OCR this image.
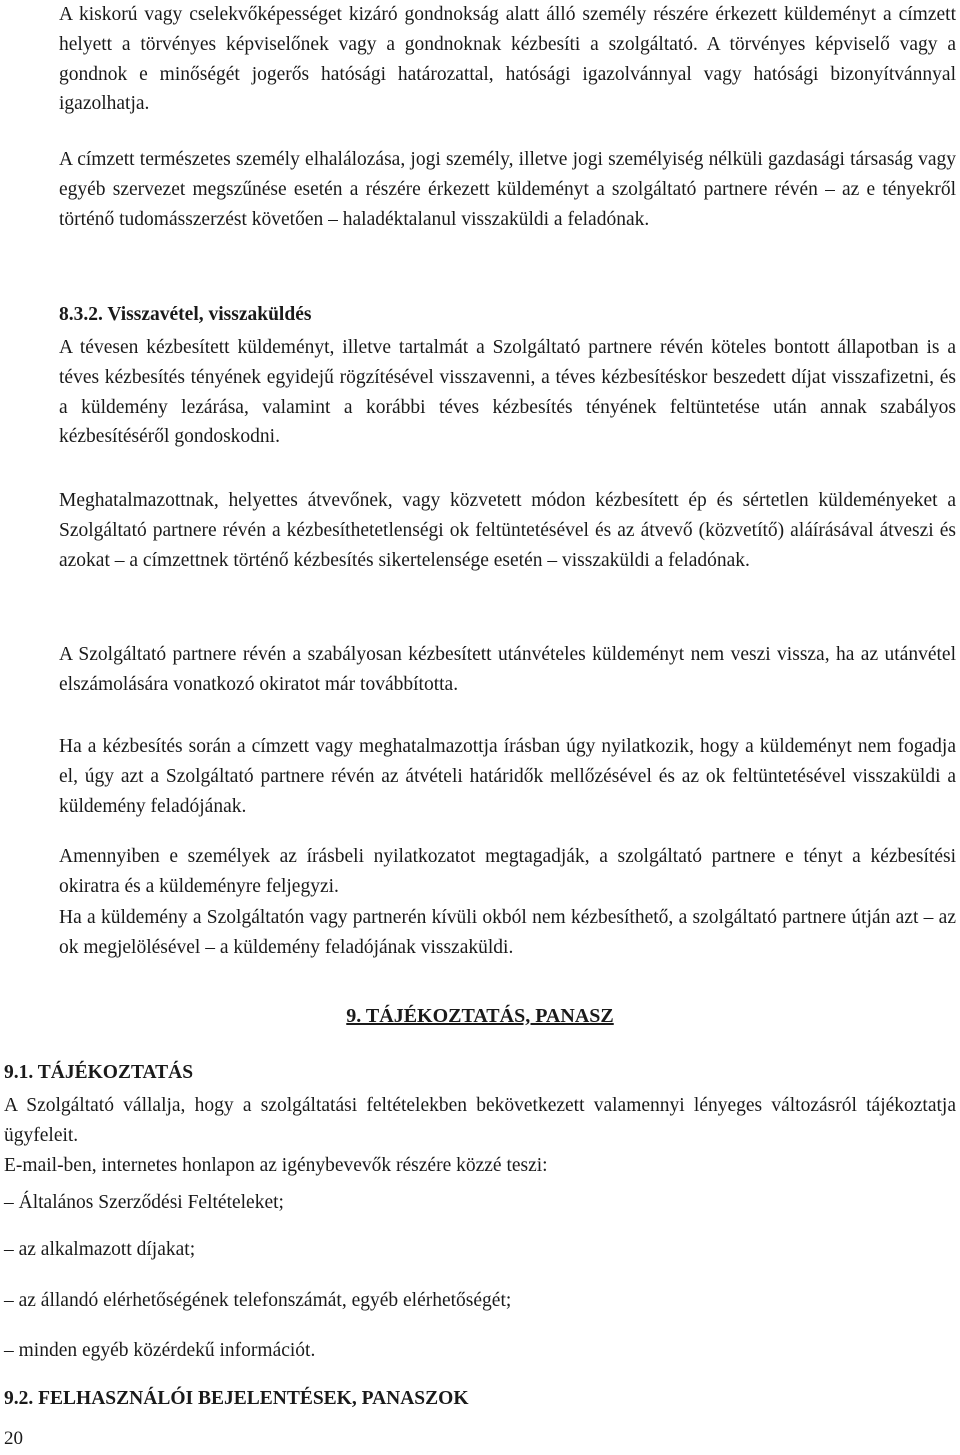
A kiskorú vagy cselekvőképességet kizáró gondnokság alatt álló személy részére érkezett küldeményt a címzett helyett a törvényes képviselőnek vagy a gondnoknak kézbesíti a szolgáltató. A törvényes képviselő vagy a gondnok e minőségét jogerős hatósági határozattal, hatósági igazolvánnyal vagy hatósági bizonyítvánnyal igazolhatja.

A címzett természetes személy elhalálozása, jogi személy, illetve jogi személyiség nélküli gazdasági társaság vagy egyéb szervezet megszűnése esetén a részére érkezett küldeményt a szolgáltató partnere révén – az e tényekről történő tudomásszerzést követően – haladéktalanul visszaküldi a feladónak.

8.3.2. Visszavétel, visszaküldés

A tévesen kézbesített küldeményt, illetve tartalmát a Szolgáltató partnere révén köteles bontott állapotban is a téves kézbesítés tényének egyidejű rögzítésével visszavenni, a téves kézbesítéskor beszedett díjat visszafizetni, és a küldemény lezárása, valamint a korábbi téves kézbesítés tényének feltüntetése után annak szabályos kézbesítéséről gondoskodni.

Meghatalmazottnak, helyettes átvevőnek, vagy közvetett módon kézbesített ép és sértetlen küldeményeket a Szolgáltató partnere révén a kézbesíthetetlenségi ok feltüntetésével és az átvevő (közvetítő) aláírásával átveszi és azokat – a címzettnek történő kézbesítés sikertelensége esetén – visszaküldi a feladónak.

A Szolgáltató partnere révén a szabályosan kézbesített utánvételes küldeményt nem veszi vissza, ha az utánvétel elszámolására vonatkozó okiratot már továbbította.

Ha a kézbesítés során a címzett vagy meghatalmazottja írásban úgy nyilatkozik, hogy a küldeményt nem fogadja el, úgy azt a Szolgáltató partnere révén az átvételi határidők mellőzésével és az ok feltüntetésével visszaküldi a küldemény feladójának.

Amennyiben e személyek az írásbeli nyilatkozatot megtagadják, a szolgáltató partnere e tényt a kézbesítési okiratra és a küldeményre feljegyzi.

Ha a küldemény a Szolgáltatón vagy partnerén kívüli okból nem kézbesíthető, a szolgáltató partnere útján azt – az ok megjelölésével – a küldemény feladójának visszaküldi.

9. TÁJÉKOZTATÁS, PANASZ

9.1. TÁJÉKOZTATÁS

A Szolgáltató vállalja, hogy a szolgáltatási feltételekben bekövetkezett valamennyi lényeges változásról tájékoztatja ügyfeleit.

E-mail-ben, internetes honlapon az igénybevevők részére közzé teszi:

– Általános Szerződési Feltételeket;

– az alkalmazott díjakat;

– az állandó elérhetőségének telefonszámát, egyéb elérhetőségét;

– minden egyéb közérdekű információt.

9.2. FELHASZNÁLÓI BEJELENTÉSEK, PANASZOK

20
